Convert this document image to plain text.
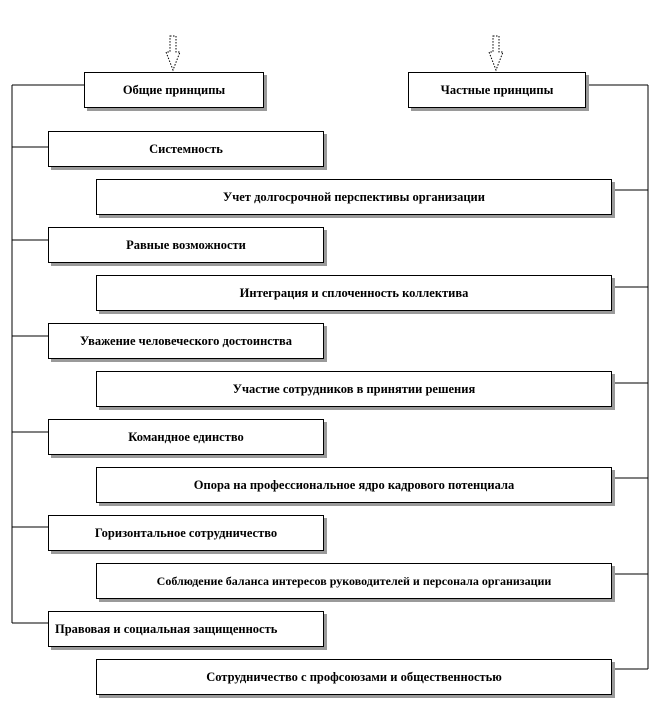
Общие принципы	Частные принципы
Системность
Равные возможности
Уважение человеческого достоинства
Командное единство
Горизонтальное сотрудничество
Правовая и социальная защищенность
Учет долгосрочной перспективы организации
Интеграция и сплоченность коллектива
Участие сотрудников в принятии решения
Опора на профессиональное ядро кадрового потенциала
Соблюдение баланса интересов руководителей и персонала организации
Сотрудничество с профсоюзами и общественностью
